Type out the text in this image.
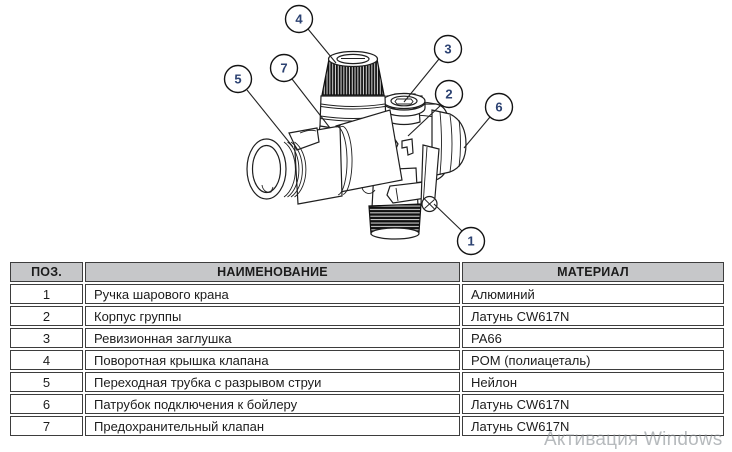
4
7
5
3
2
6
1
ПОЗ.	НАИМЕНОВАНИЕ	МАТЕРИАЛ
1	Ручка шарового крана	Алюминий
2	Корпус группы	Латунь CW617N
3	Ревизионная заглушка	PA66
4	Поворотная крышка клапана	POM (полиацеталь)
5	Переходная трубка с разрывом струи	Нейлон
6	Патрубок подключения к бойлеру	Латунь CW617N
7	Предохранительный клапан	Латунь CW617N
Активация Windows
